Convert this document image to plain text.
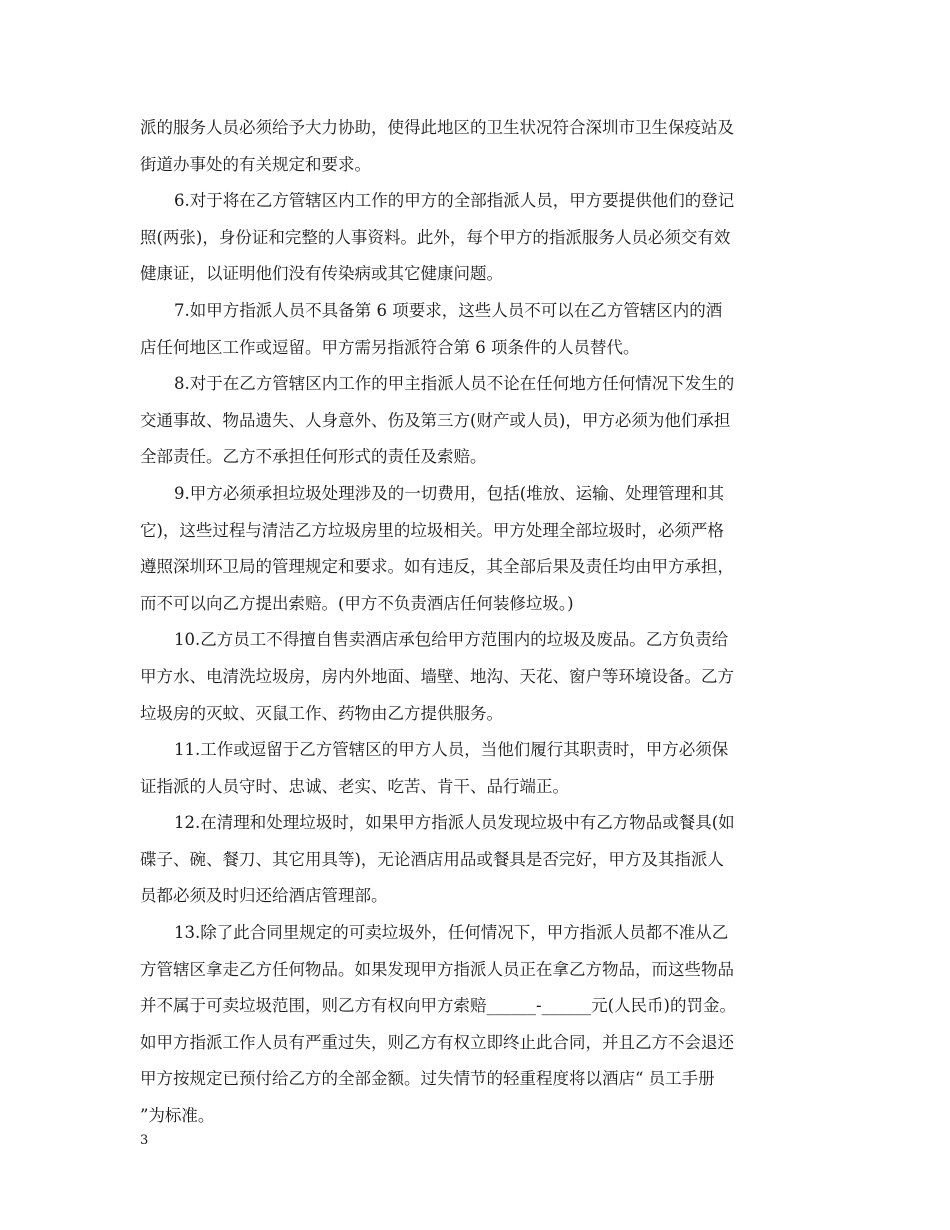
派的服务人员必须给予大力协助，使得此地区的卫生状况符合深圳市卫生保疫站及
街道办事处的有关规定和要求。
6.对于将在乙方管辖区内工作的甲方的全部指派人员，甲方要提供他们的登记
照(两张)，身份证和完整的人事资料。此外，每个甲方的指派服务人员必须交有效
健康证，以证明他们没有传染病或其它健康问题。
7.如甲方指派人员不具备第 6 项要求，这些人员不可以在乙方管辖区内的酒
店任何地区工作或逗留。甲方需另指派符合第 6 项条件的人员替代。
8.对于在乙方管辖区内工作的甲主指派人员不论在任何地方任何情况下发生的
交通事故、物品遗失、人身意外、伤及第三方(财产或人员)，甲方必须为他们承担
全部责任。乙方不承担任何形式的责任及索赔。
9.甲方必须承担垃圾处理涉及的一切费用，包括(堆放、运输、处理管理和其
它)，这些过程与清洁乙方垃圾房里的垃圾相关。甲方处理全部垃圾时，必须严格
遵照深圳环卫局的管理规定和要求。如有违反，其全部后果及责任均由甲方承担，
而不可以向乙方提出索赔。(甲方不负责酒店任何装修垃圾。)
10.乙方员工不得擅自售卖酒店承包给甲方范围内的垃圾及废品。乙方负责给
甲方水、电清洗垃圾房，房内外地面、墙壁、地沟、天花、窗户等环境设备。乙方
垃圾房的灭蚊、灭鼠工作、药物由乙方提供服务。
11.工作或逗留于乙方管辖区的甲方人员，当他们履行其职责时，甲方必须保
证指派的人员守时、忠诚、老实、吃苦、肯干、品行端正。
12.在清理和处理垃圾时，如果甲方指派人员发现垃圾中有乙方物品或餐具(如
碟子、碗、餐刀、其它用具等)，无论酒店用品或餐具是否完好，甲方及其指派人
员都必须及时归还给酒店管理部。
13.除了此合同里规定的可卖垃圾外，任何情况下，甲方指派人员都不准从乙
方管辖区拿走乙方任何物品。如果发现甲方指派人员正在拿乙方物品，而这些物品
并不属于可卖垃圾范围，则乙方有权向甲方索赔______-______元(人民币)的罚金。
如甲方指派工作人员有严重过失，则乙方有权立即终止此合同，并且乙方不会退还
甲方按规定已预付给乙方的全部金额。过失情节的轻重程度将以酒店“ 员工手册
”为标准。
3
